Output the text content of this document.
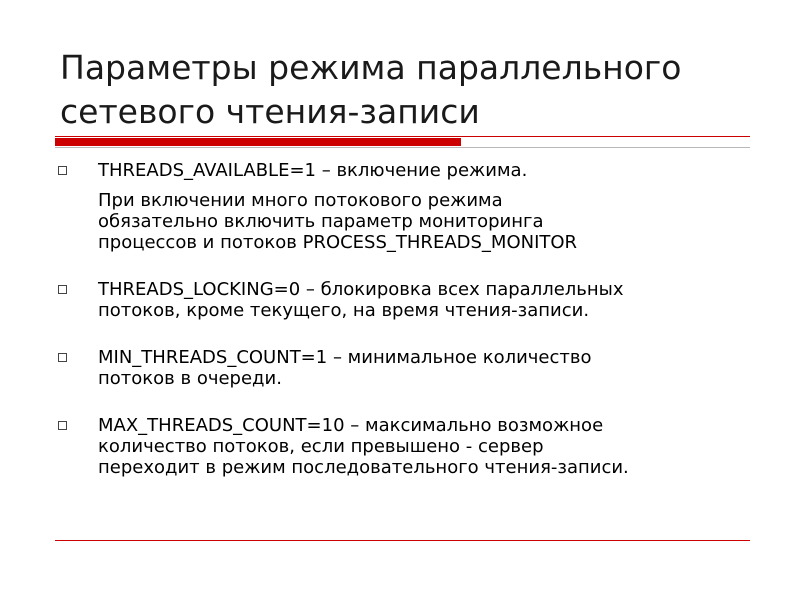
Параметры режима параллельного
сетевого чтения-записи
THREADS_AVAILABLE=1 – включение режима.
При включении много потокового режима
обязательно включить параметр мониторинга
процессов и потоков PROCESS_THREADS_MONITOR
THREADS_LOCKING=0 – блокировка всех параллельных
потоков, кроме текущего, на время чтения-записи.
MIN_THREADS_COUNT=1 – минимальное количество
потоков в очереди.
MAX_THREADS_COUNT=10 – максимально возможное
количество потоков, если превышено - сервер
переходит в режим последовательного чтения-записи.
